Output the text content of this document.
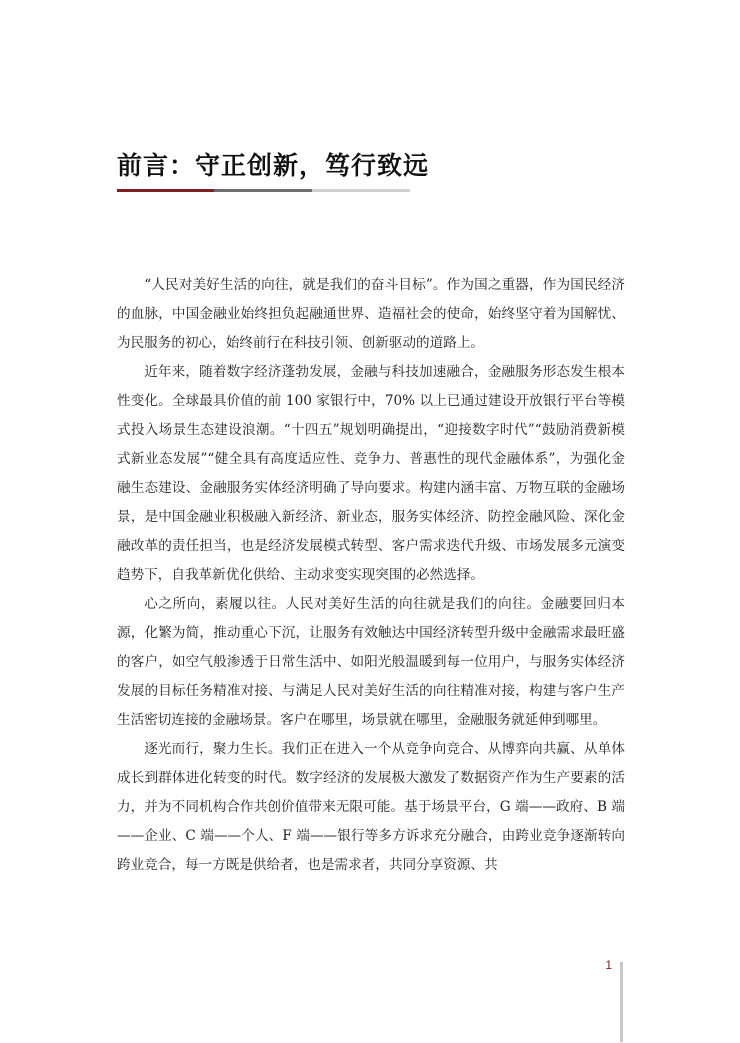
前言：守正创新，笃行致远

“人民对美好生活的向往，就是我们的奋斗目标”。作为国之重器，作为国民经济的血脉，中国金融业始终担负起融通世界、造福社会的使命，始终坚守着为国解忧、为民服务的初心，始终前行在科技引领、创新驱动的道路上。

近年来，随着数字经济蓬勃发展，金融与科技加速融合，金融服务形态发生根本性变化。全球最具价值的前 100 家银行中，70% 以上已通过建设开放银行平台等模式投入场景生态建设浪潮。“十四五”规划明确提出，“迎接数字时代”“鼓励消费新模式新业态发展”“健全具有高度适应性、竞争力、普惠性的现代金融体系”，为强化金融生态建设、金融服务实体经济明确了导向要求。构建内涵丰富、万物互联的金融场景，是中国金融业积极融入新经济、新业态，服务实体经济、防控金融风险、深化金融改革的责任担当，也是经济发展模式转型、客户需求迭代升级、市场发展多元演变趋势下，自我革新优化供给、主动求变实现突围的必然选择。

心之所向，素履以往。人民对美好生活的向往就是我们的向往。金融要回归本源，化繁为简，推动重心下沉，让服务有效触达中国经济转型升级中金融需求最旺盛的客户，如空气般渗透于日常生活中、如阳光般温暖到每一位用户，与服务实体经济发展的目标任务精准对接、与满足人民对美好生活的向往精准对接，构建与客户生产生活密切连接的金融场景。客户在哪里，场景就在哪里，金融服务就延伸到哪里。

逐光而行，聚力生长。我们正在进入一个从竞争向竞合、从博弈向共赢、从单体成长到群体进化转变的时代。数字经济的发展极大激发了数据资产作为生产要素的活力，并为不同机构合作共创价值带来无限可能。基于场景平台，G 端——政府、B 端——企业、C 端——个人、F 端——银行等多方诉求充分融合，由跨业竞争逐渐转向跨业竞合，每一方既是供给者，也是需求者，共同分享资源、共

1
